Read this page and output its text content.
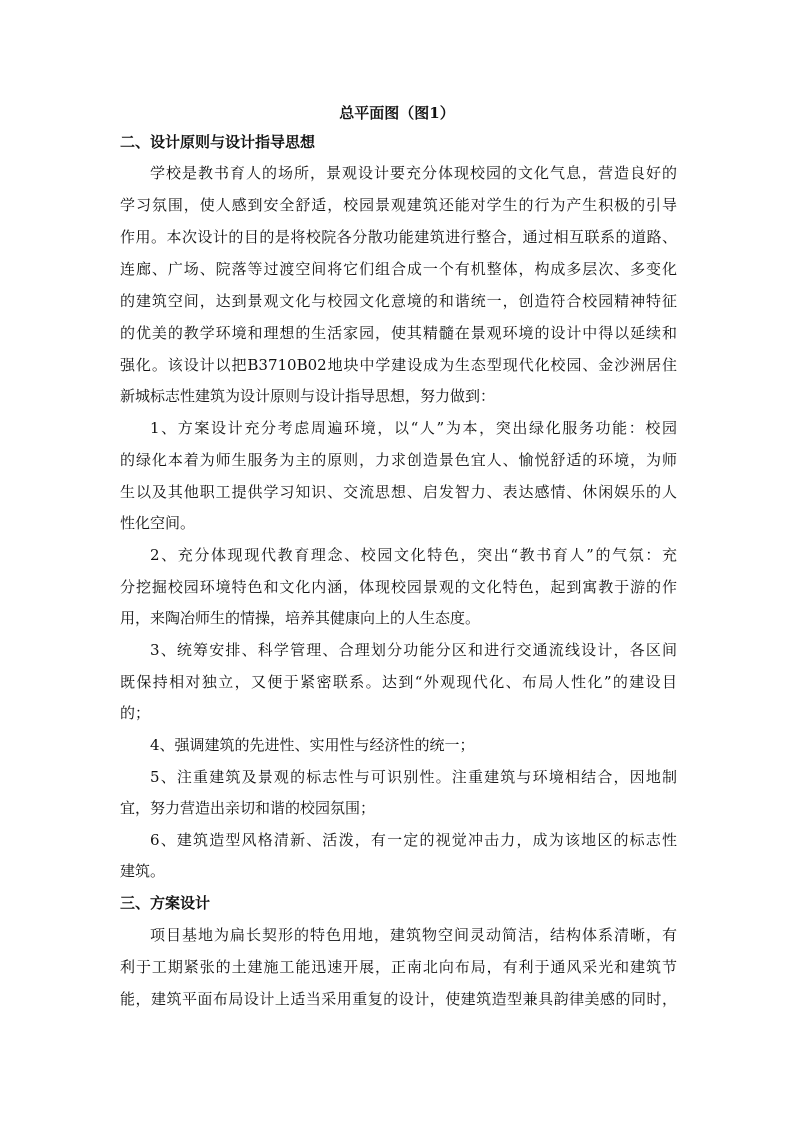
总平面图（图1）
二、设计原则与设计指导思想
学校是教书育人的场所，景观设计要充分体现校园的文化气息，营造良好的
学习氛围，使人感到安全舒适，校园景观建筑还能对学生的行为产生积极的引导
作用。本次设计的目的是将校院各分散功能建筑进行整合，通过相互联系的道路、
连廊、广场、院落等过渡空间将它们组合成一个有机整体，构成多层次、多变化
的建筑空间，达到景观文化与校园文化意境的和谐统一，创造符合校园精神特征
的优美的教学环境和理想的生活家园，使其精髓在景观环境的设计中得以延续和
强化。该设计以把B3710B02地块中学建设成为生态型现代化校园、金沙洲居住
新城标志性建筑为设计原则与设计指导思想，努力做到：
1、方案设计充分考虑周遍环境，以“人”为本，突出绿化服务功能：校园
的绿化本着为师生服务为主的原则，力求创造景色宜人、愉悦舒适的环境，为师
生以及其他职工提供学习知识、交流思想、启发智力、表达感情、休闲娱乐的人
性化空间。
2、充分体现现代教育理念、校园文化特色，突出“教书育人”的气氛：充
分挖掘校园环境特色和文化内涵，体现校园景观的文化特色，起到寓教于游的作
用，来陶冶师生的情操，培养其健康向上的人生态度。
3、统筹安排、科学管理、合理划分功能分区和进行交通流线设计，各区间
既保持相对独立，又便于紧密联系。达到“外观现代化、布局人性化”的建设目
的；
4、强调建筑的先进性、实用性与经济性的统一；
5、注重建筑及景观的标志性与可识别性。注重建筑与环境相结合，因地制
宜，努力营造出亲切和谐的校园氛围；
6、建筑造型风格清新、活泼，有一定的视觉冲击力，成为该地区的标志性
建筑。
三、方案设计
项目基地为扁长契形的特色用地，建筑物空间灵动简洁，结构体系清晰，有
利于工期紧张的土建施工能迅速开展，正南北向布局，有利于通风采光和建筑节
能，建筑平面布局设计上适当采用重复的设计，使建筑造型兼具韵律美感的同时，
